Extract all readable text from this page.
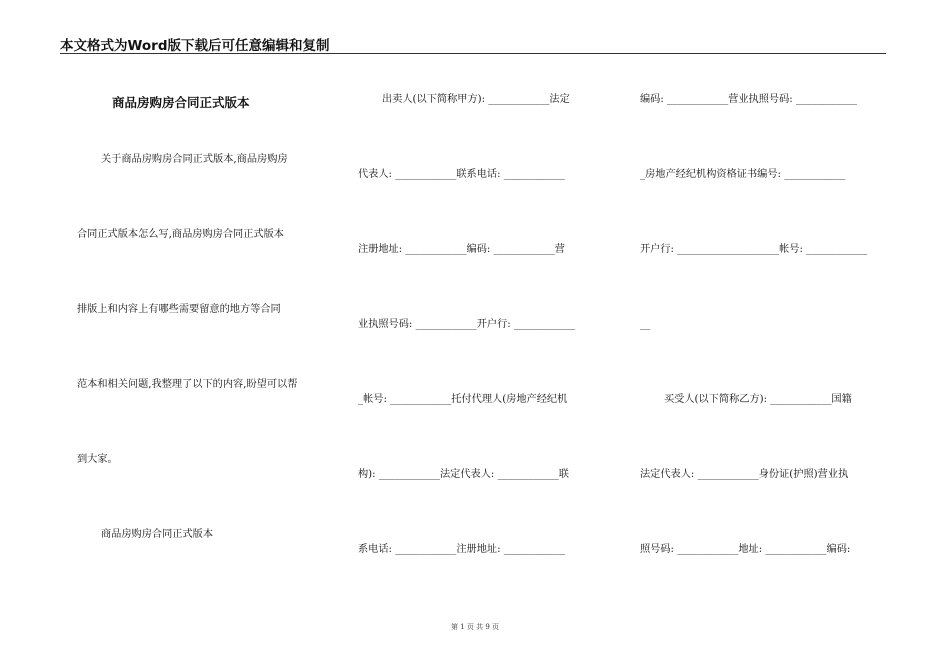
本文格式为Word版下载后可任意编辑和复制
商品房购房合同正式版本
关于商品房购房合同正式版本,商品房购房
合同正式版本怎么写,商品房购房合同正式版本
排版上和内容上有哪些需要留意的地方等合同
范本和相关问题,我整理了以下的内容,盼望可以帮
到大家。
商品房购房合同正式版本
出卖人(以下简称甲方): ____________法定
代表人: ____________联系电话: ____________
注册地址: ____________编码: ____________营
业执照号码: ____________开户行: ____________
_帐号: ____________托付代理人(房地产经纪机
构): ____________法定代表人: ____________联
系电话: ____________注册地址: ____________
编码: ____________营业执照号码: ____________
_房地产经纪机构资格证书编号: ____________
开户行: ____________________帐号: ____________
__
买受人(以下简称乙方): ____________国籍
法定代表人: ____________身份证(护照)营业执
照号码: ____________地址: ____________编码:
第 1 页 共 9 页
